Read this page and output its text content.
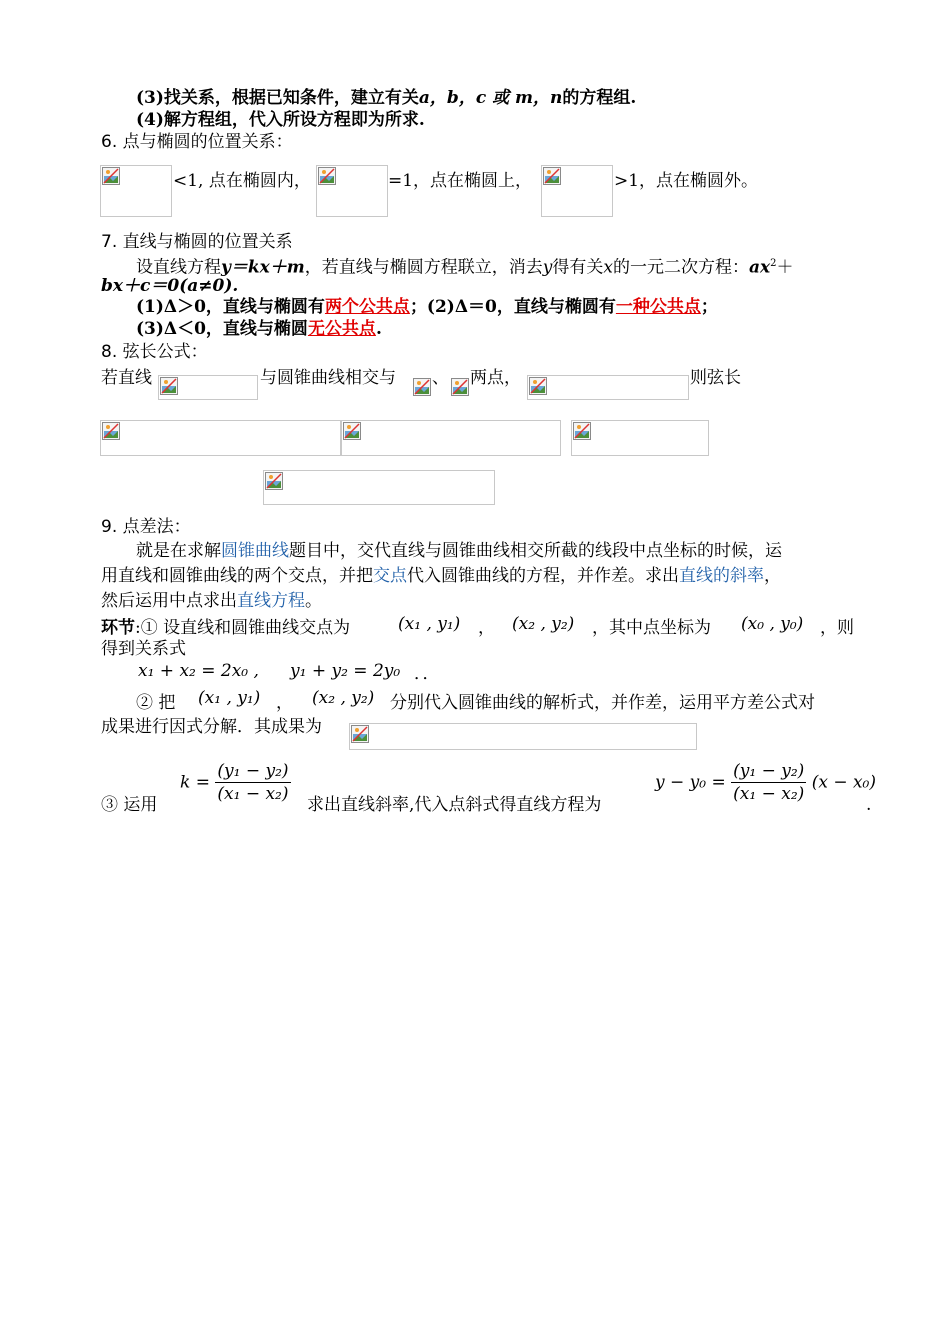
(3)找关系，根据已知条件，建立有关a，b，c 或 m，n的方程组.
(4)解方程组，代入所设方程即为所求.
6. 点与椭圆的位置关系：
<1, 点在椭圆内，	=1，点在椭圆上，	>1，点在椭圆外。
7. 直线与椭圆的位置关系
设直线方程y＝kx＋m，若直线与椭圆方程联立，消去y得有关x的一元二次方程：$ax^2+$
bx＋c＝0(a≠0).
(1)Δ＞0，直线与椭圆有两个公共点；(2)Δ＝0，直线与椭圆有一种公共点；
(3)Δ＜0，直线与椭圆无公共点.
8. 弦长公式：
若直线	与圆锥曲线相交与 、 两点，	则弦长
9. 点差法：
就是在求解圆锥曲线题目中，交代直线与圆锥曲线相交所截的线段中点坐标的时候，运
用直线和圆锥曲线的两个交点，并把交点代入圆锥曲线的方程，并作差。求出直线的斜率，
然后运用中点求出直线方程。
环节:① 设直线和圆锥曲线交点为	(x₁ , y₁) ， (x₂ , y₂) ，其中点坐标为 (x₀ , y₀) ，则
得到关系式
x₁ + x₂ = 2x₀ , y₁ + y₂ = 2y₀ ．．
② 把 (x₁ , y₁) ， (x₂ , y₂) 分别代入圆锥曲线的解析式，并作差，运用平方差公式对
成果进行因式分解．其成果为
③ 运用
$k = \frac{\text{(y₁ − y₂)}}{\text{(x₁ − x₂)}}$ 求出直线斜率,代入点斜式得直线方程为
$y - y_0 = \frac{\text{(y₁ − y₂)}}{\text{(x₁ − x₂)}} (x - x_0)$
.
